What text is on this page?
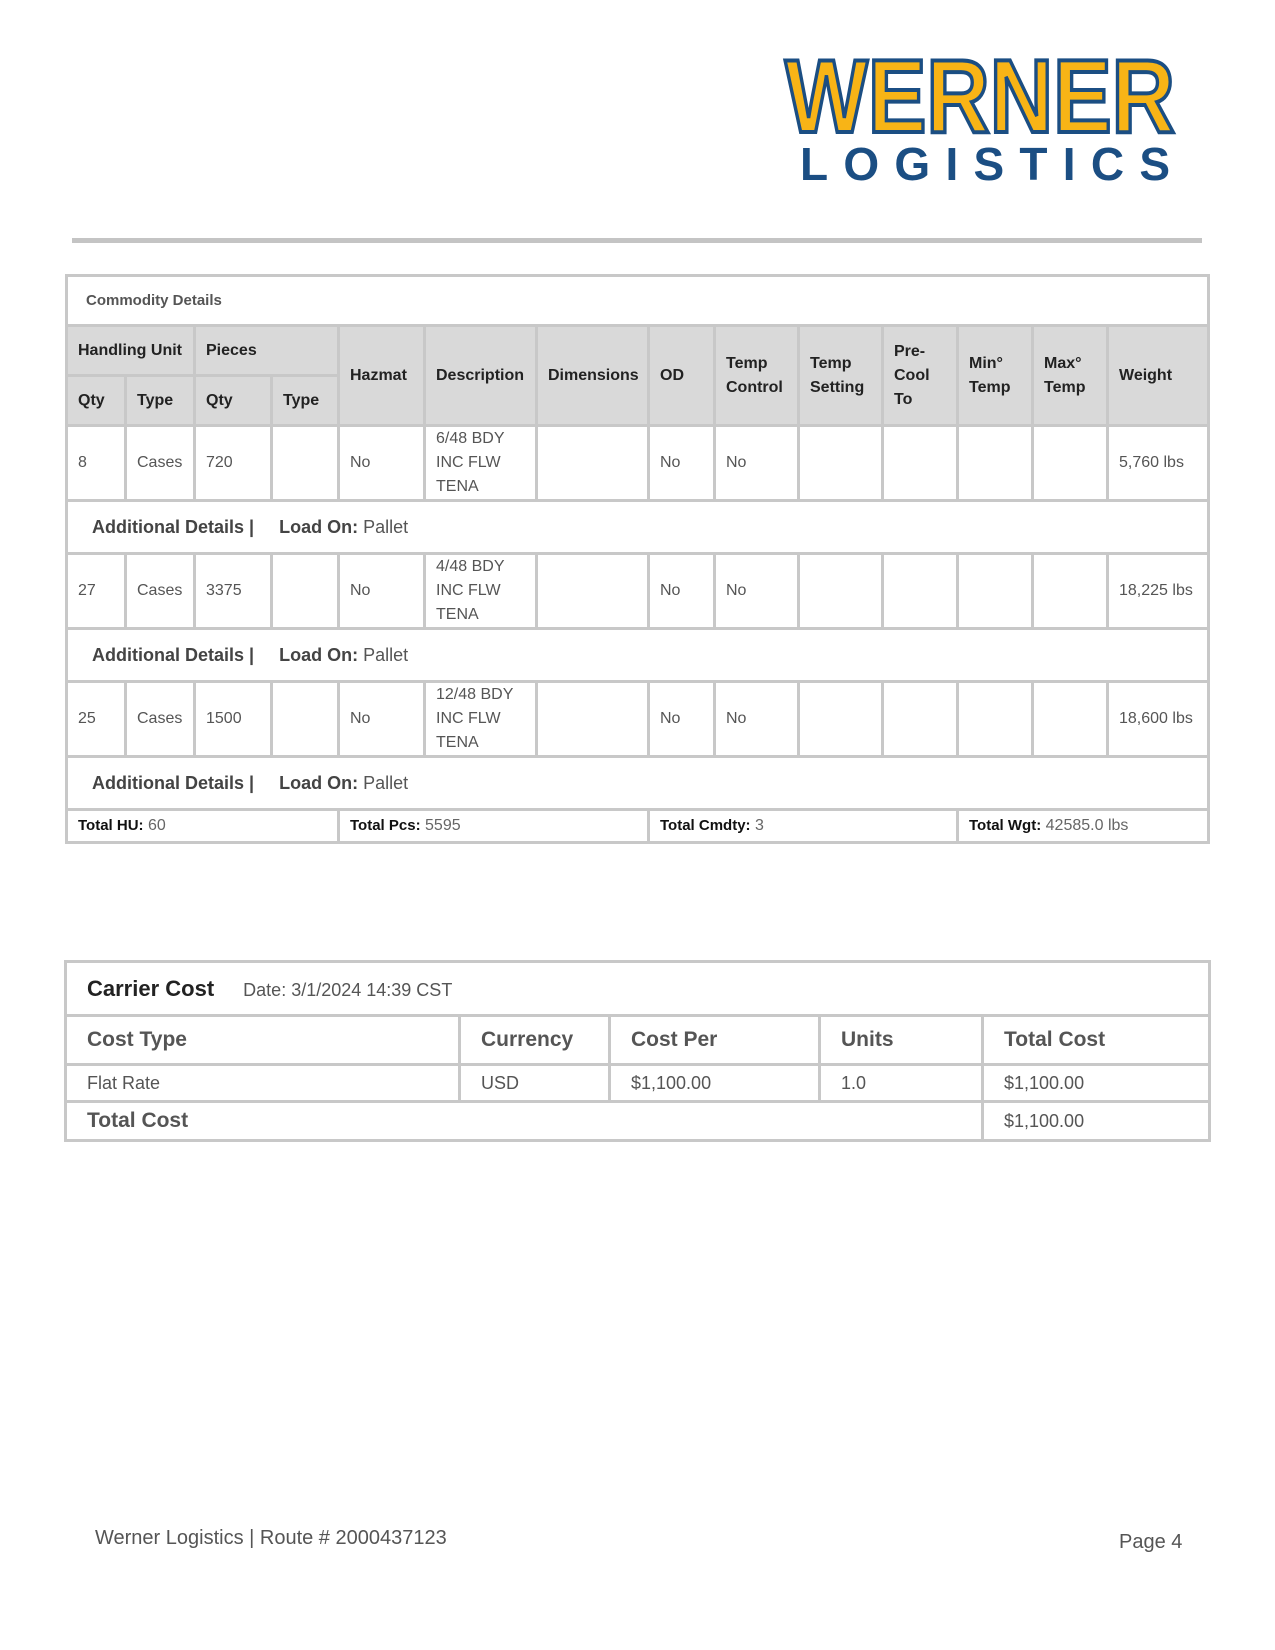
WERNER
LOGISTICS
Commodity Details													
Handling Unit		Pieces		Hazmat	Description	Dimensions	OD	Temp Control	Temp Setting	Pre-Cool To	Min° Temp	Max° Temp	Weight
Qty	Type	Qty	Type										
8	Cases	720		No	6/48 BDY INC FLW TENA		No	No					5,760 lbs
Additional Details | Load On: Pallet													
27	Cases	3375		No	4/48 BDY INC FLW TENA		No	No					18,225 lbs
Additional Details | Load On: Pallet													
25	Cases	1500		No	12/48 BDY INC FLW TENA		No	No					18,600 lbs
Additional Details | Load On: Pallet													
Total HU: 60				Total Pcs: 5595			Total Cmdty: 3				Total Wgt: 42585.0 lbs		
Carrier Cost Date: 3/1/2024 14:39 CST				
Cost Type	Currency	Cost Per	Units	Total Cost
Flat Rate	USD	$1,100.00	1.0	$1,100.00
Total Cost				$1,100.00
Werner Logistics | Route # 2000437123	Page 4
